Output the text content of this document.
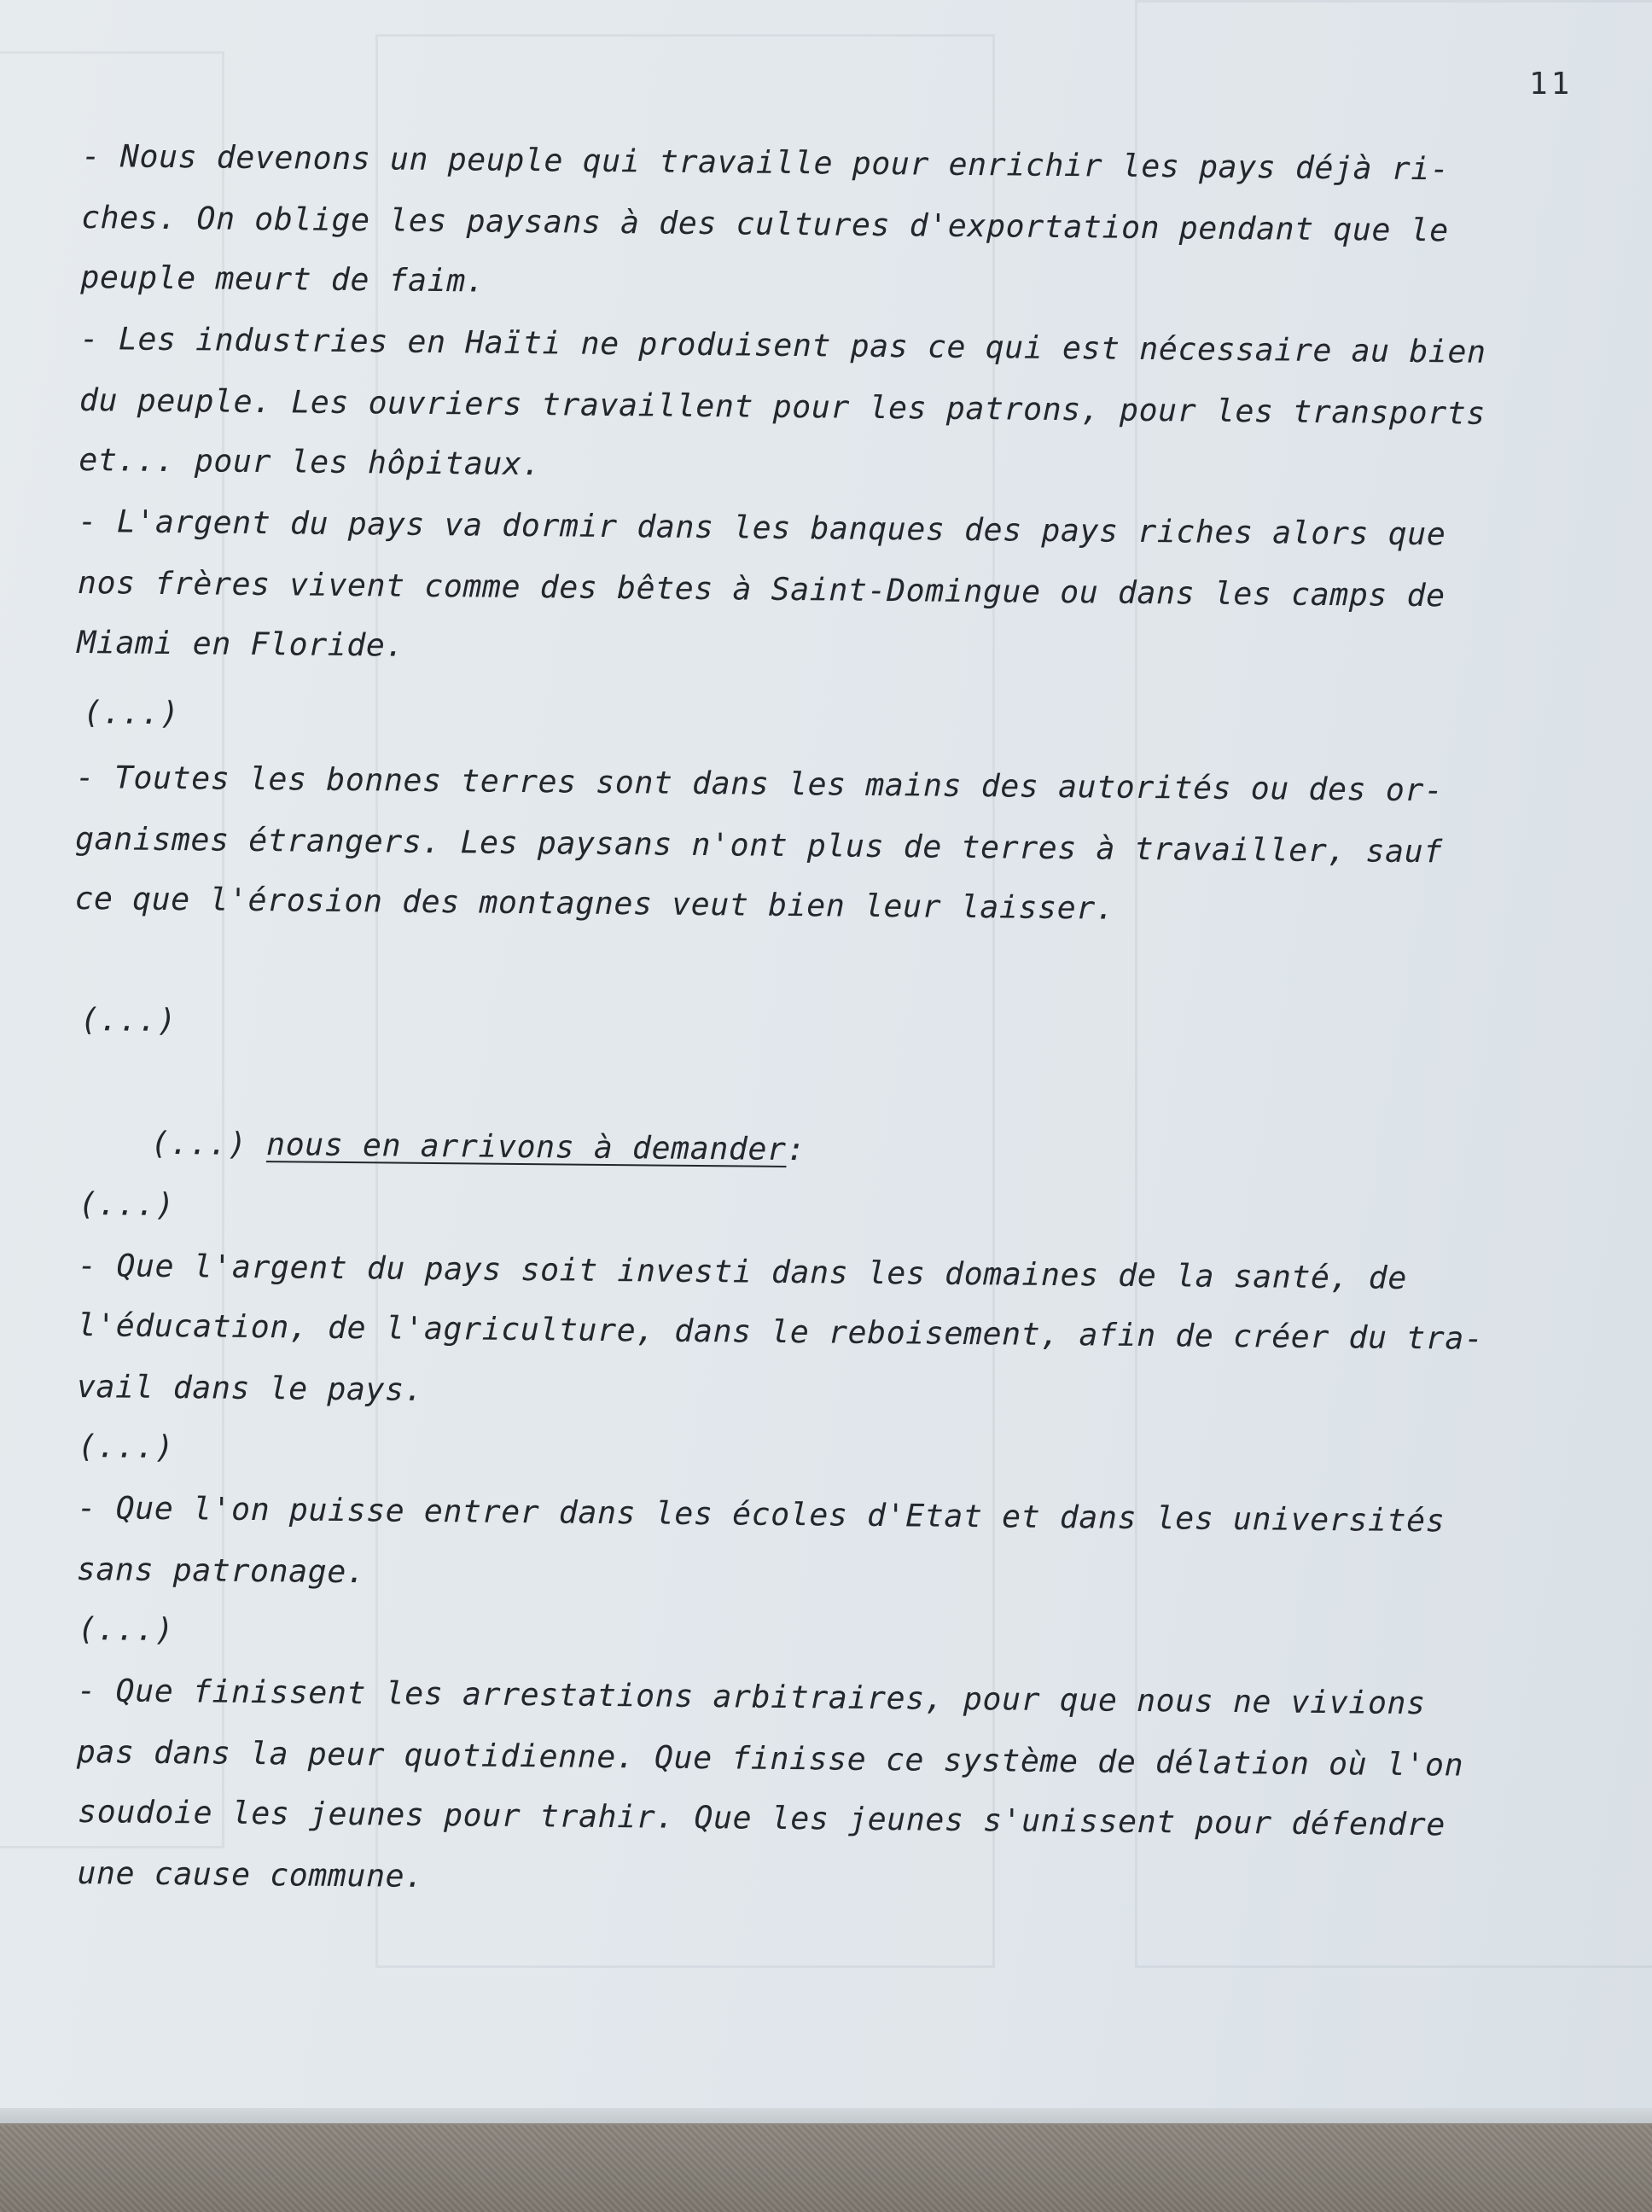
11
- Nous devenons un peuple qui travaille pour enrichir les pays déjà ri-
ches. On oblige les paysans à des cultures d'exportation pendant que le
peuple meurt de faim.
- Les industries en Haïti ne produisent pas ce qui est nécessaire au bien
du peuple. Les ouvriers travaillent pour les patrons, pour les transports
et... pour les hôpitaux.
- L'argent du pays va dormir dans les banques des pays riches alors que
nos frères vivent comme des bêtes à Saint-Domingue ou dans les camps de
Miami en Floride.
(...)
- Toutes les bonnes terres sont dans les mains des autorités ou des or-
ganismes étrangers. Les paysans n'ont plus de terres à travailler, sauf
ce que l'érosion des montagnes veut bien leur laisser.
(...)
(...) nous en arrivons à demander:
(...)
- Que l'argent du pays soit investi dans les domaines de la santé, de
l'éducation, de l'agriculture, dans le reboisement, afin de créer du tra-
vail dans le pays.
(...)
- Que l'on puisse entrer dans les écoles d'Etat et dans les universités
sans patronage.
(...)
- Que finissent les arrestations arbitraires, pour que nous ne vivions
pas dans la peur quotidienne. Que finisse ce système de délation où l'on
soudoie les jeunes pour trahir. Que les jeunes s'unissent pour défendre
une cause commune.
